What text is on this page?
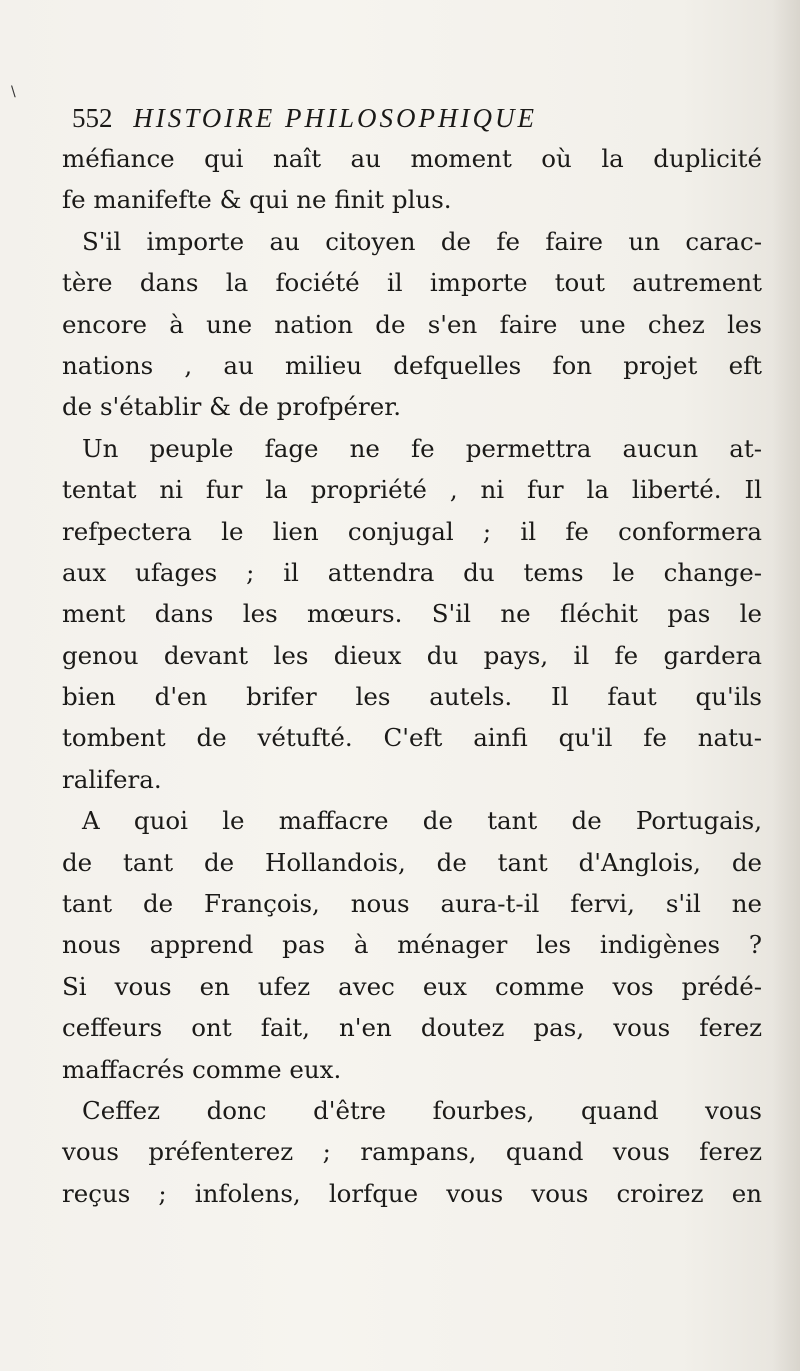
\
552 HISTOIRE PHILOSOPHIQUE
méfiance qui naît au moment où la duplicité
fe manifefte & qui ne finit plus.
S'il importe au citoyen de fe faire un carac-
tère dans la fociété il importe tout autrement
encore à une nation de s'en faire une chez les
nations , au milieu defquelles fon projet eft
de s'établir & de profpérer.
Un peuple fage ne fe permettra aucun at-
tentat ni fur la propriété , ni fur la liberté. Il
refpectera le lien conjugal ; il fe conformera
aux ufages ; il attendra du tems le change-
ment dans les mœurs. S'il ne fléchit pas le
genou devant les dieux du pays, il fe gardera
bien d'en brifer les autels. Il faut qu'ils
tombent de vétufté. C'eft ainfi qu'il fe natu-
ralifera.
A quoi le maffacre de tant de Portugais,
de tant de Hollandois, de tant d'Anglois, de
tant de François, nous aura-t-il fervi, s'il ne
nous apprend pas à ménager les indigènes ?
Si vous en ufez avec eux comme vos prédé-
ceffeurs ont fait, n'en doutez pas, vous ferez
maffacrés comme eux.
Ceffez donc d'être fourbes, quand vous
vous préfenterez ; rampans, quand vous ferez
reçus ; infolens, lorfque vous vous croirez en
